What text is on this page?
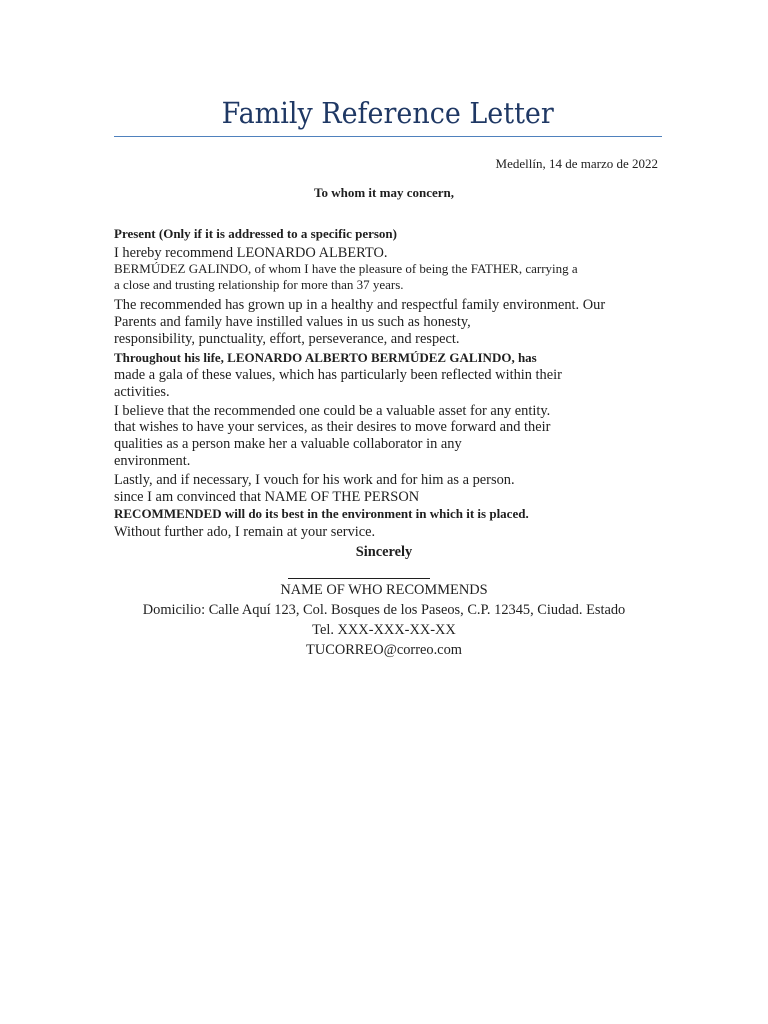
Family Reference Letter
Medellín, 14 de marzo de 2022
To whom it may concern,
Present (Only if it is addressed to a specific person)
I hereby recommend LEONARDO ALBERTO.
BERMÚDEZ GALINDO, of whom I have the pleasure of being the FATHER, carrying a
a close and trusting relationship for more than 37 years.
The recommended has grown up in a healthy and respectful family environment. Our
Parents and family have instilled values in us such as honesty,
responsibility, punctuality, effort, perseverance, and respect.
Throughout his life, LEONARDO ALBERTO BERMÚDEZ GALINDO, has
made a gala of these values, which has particularly been reflected within their
activities.
I believe that the recommended one could be a valuable asset for any entity.
that wishes to have your services, as their desires to move forward and their
qualities as a person make her a valuable collaborator in any
environment.
Lastly, and if necessary, I vouch for his work and for him as a person.
since I am convinced that NAME OF THE PERSON
RECOMMENDED will do its best in the environment in which it is placed.
Without further ado, I remain at your service.
Sincerely
NAME OF WHO RECOMMENDS
Domicilio: Calle Aquí 123, Col. Bosques de los Paseos, C.P. 12345, Ciudad. Estado
Tel. XXX-XXX-XX-XX
TUCORREO@correo.com
